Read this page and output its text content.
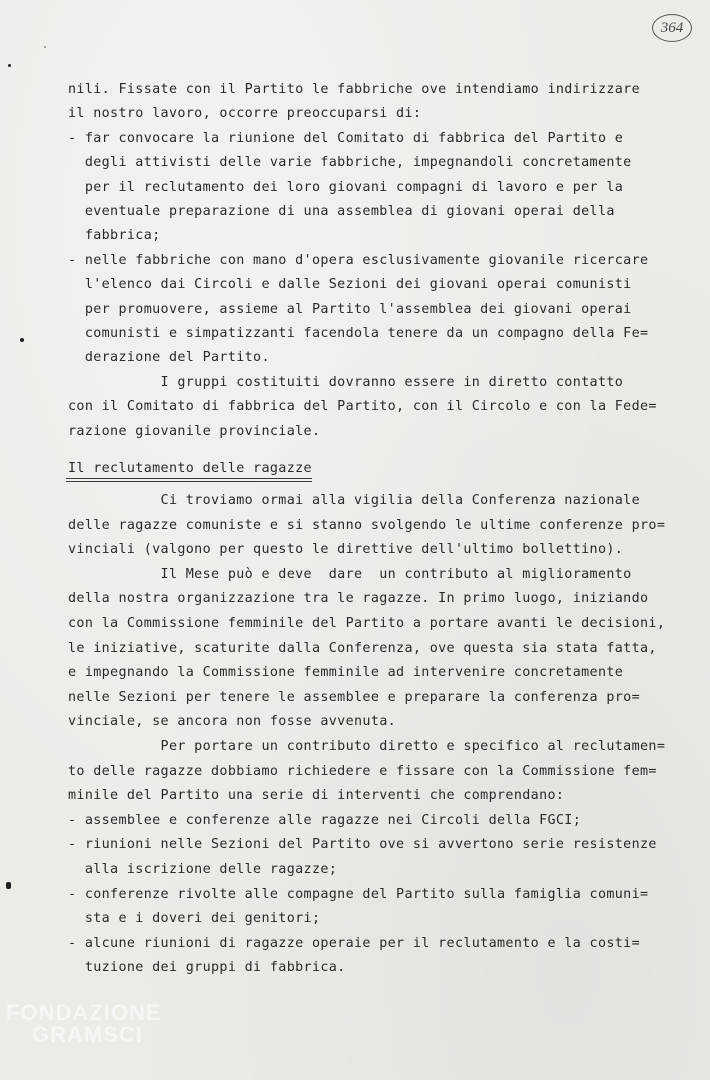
364
nili. Fissate con il Partito le fabbriche ove intendiamo indirizzare
il nostro lavoro, occorre preoccuparsi di:
- far convocare la riunione del Comitato di fabbrica del Partito e
degli attivisti delle varie fabbriche, impegnandoli concretamente
per il reclutamento dei loro giovani compagni di lavoro e per la
eventuale preparazione di una assemblea di giovani operai della
fabbrica;
- nelle fabbriche con mano d'opera esclusivamente giovanile ricercare
l'elenco dai Circoli e dalle Sezioni dei giovani operai comunisti
per promuovere, assieme al Partito l'assemblea dei giovani operai
comunisti e simpatizzanti facendola tenere da un compagno della Fe=
derazione del Partito.
I gruppi costituiti dovranno essere in diretto contatto
con il Comitato di fabbrica del Partito, con il Circolo e con la Fede=
razione giovanile provinciale.
Il reclutamento delle ragazze
Ci troviamo ormai alla vigilia della Conferenza nazionale
delle ragazze comuniste e si stanno svolgendo le ultime conferenze pro=
vinciali (valgono per questo le direttive dell'ultimo bollettino).
Il Mese può e deve  dare  un contributo al miglioramento
della nostra organizzazione tra le ragazze. In primo luogo, iniziando
con la Commissione femminile del Partito a portare avanti le decisioni,
le iniziative, scaturite dalla Conferenza, ove questa sia stata fatta,
e impegnando la Commissione femminile ad intervenire concretamente
nelle Sezioni per tenere le assemblee e preparare la conferenza pro=
vinciale, se ancora non fosse avvenuta.
Per portare un contributo diretto e specifico al reclutamen=
to delle ragazze dobbiamo richiedere e fissare con la Commissione fem=
minile del Partito una serie di interventi che comprendano:
- assemblee e conferenze alle ragazze nei Circoli della FGCI;
- riunioni nelle Sezioni del Partito ove si avvertono serie resistenze
alla iscrizione delle ragazze;
- conferenze rivolte alle compagne del Partito sulla famiglia comuni=
sta e i doveri dei genitori;
- alcune riunioni di ragazze operaie per il reclutamento e la costi=
tuzione dei gruppi di fabbrica.
FONDAZIONE
GRAMSCI
